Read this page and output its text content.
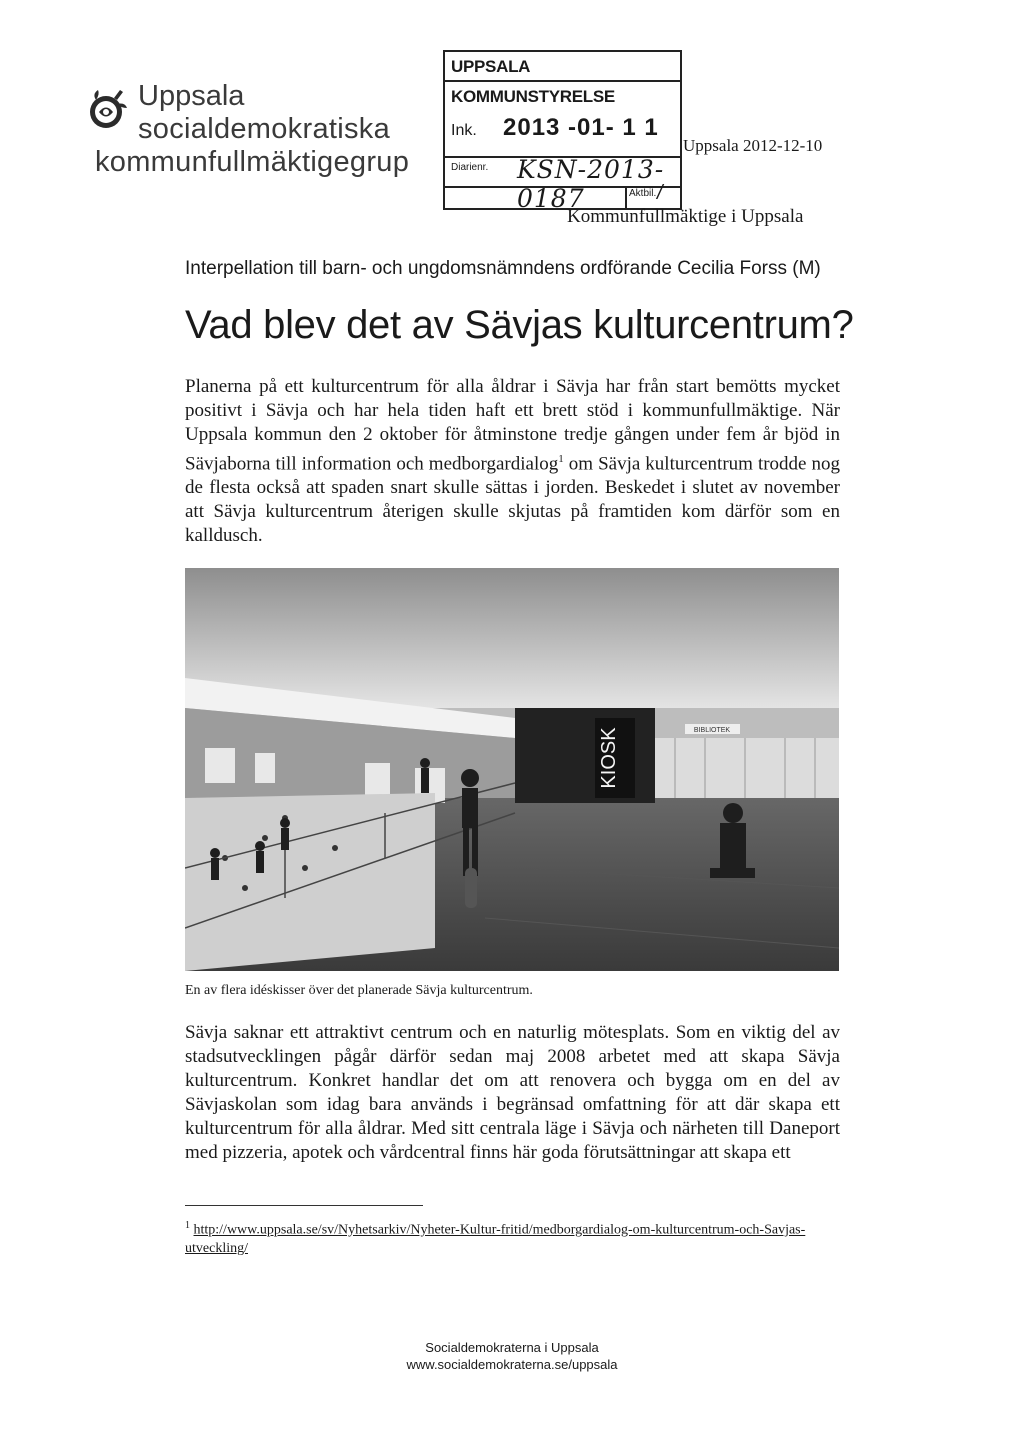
Uppsala
socialdemokratiska
kommunfullmäktigegrup
UPPSALA KOMMUNSTYRELSE
Ink. 2013 -01- 1 1
Diarienr. KSN-2013-0187	Aktbil. /
Uppsala 2012-12-10
Kommunfullmäktige i Uppsala
Interpellation till barn- och ungdomsnämndens ordförande Cecilia Forss (M)
Vad blev det av Sävjas kulturcentrum?

Planerna på ett kulturcentrum för alla åldrar i Sävja har från start bemötts mycket positivt i Sävja och har hela tiden haft ett brett stöd i kommunfullmäktige. När Uppsala kommun den 2 oktober för åtminstone tredje gången under fem år bjöd in Sävjaborna till information och medborgardialog$^1$ om Sävja kulturcentrum trodde nog de flesta också att spaden snart skulle sättas i jorden. Beskedet i slutet av november att Sävja kulturcentrum återigen skulle skjutas på framtiden kom därför som en kalldusch.

KIOSK	BIBLIOTEK
En av flera idéskisser över det planerade Sävja kulturcentrum.

Sävja saknar ett attraktivt centrum och en naturlig mötesplats. Som en viktig del av stadsutvecklingen pågår därför sedan maj 2008 arbetet med att skapa Sävja kulturcentrum. Konkret handlar det om att renovera och bygga om en del av Sävjaskolan som idag bara används i begränsad omfattning för att där skapa ett kulturcentrum för alla åldrar. Med sitt centrala läge i Sävja och närheten till Daneport med pizzeria, apotek och vårdcentral finns här goda förutsättningar att skapa ett

$^1$ http://www.uppsala.se/sv/Nyhetsarkiv/Nyheter-Kultur-fritid/medborgardialog-om-kulturcentrum-och-Savjas-utveckling/

Socialdemokraterna i Uppsala
www.socialdemokraterna.se/uppsala
